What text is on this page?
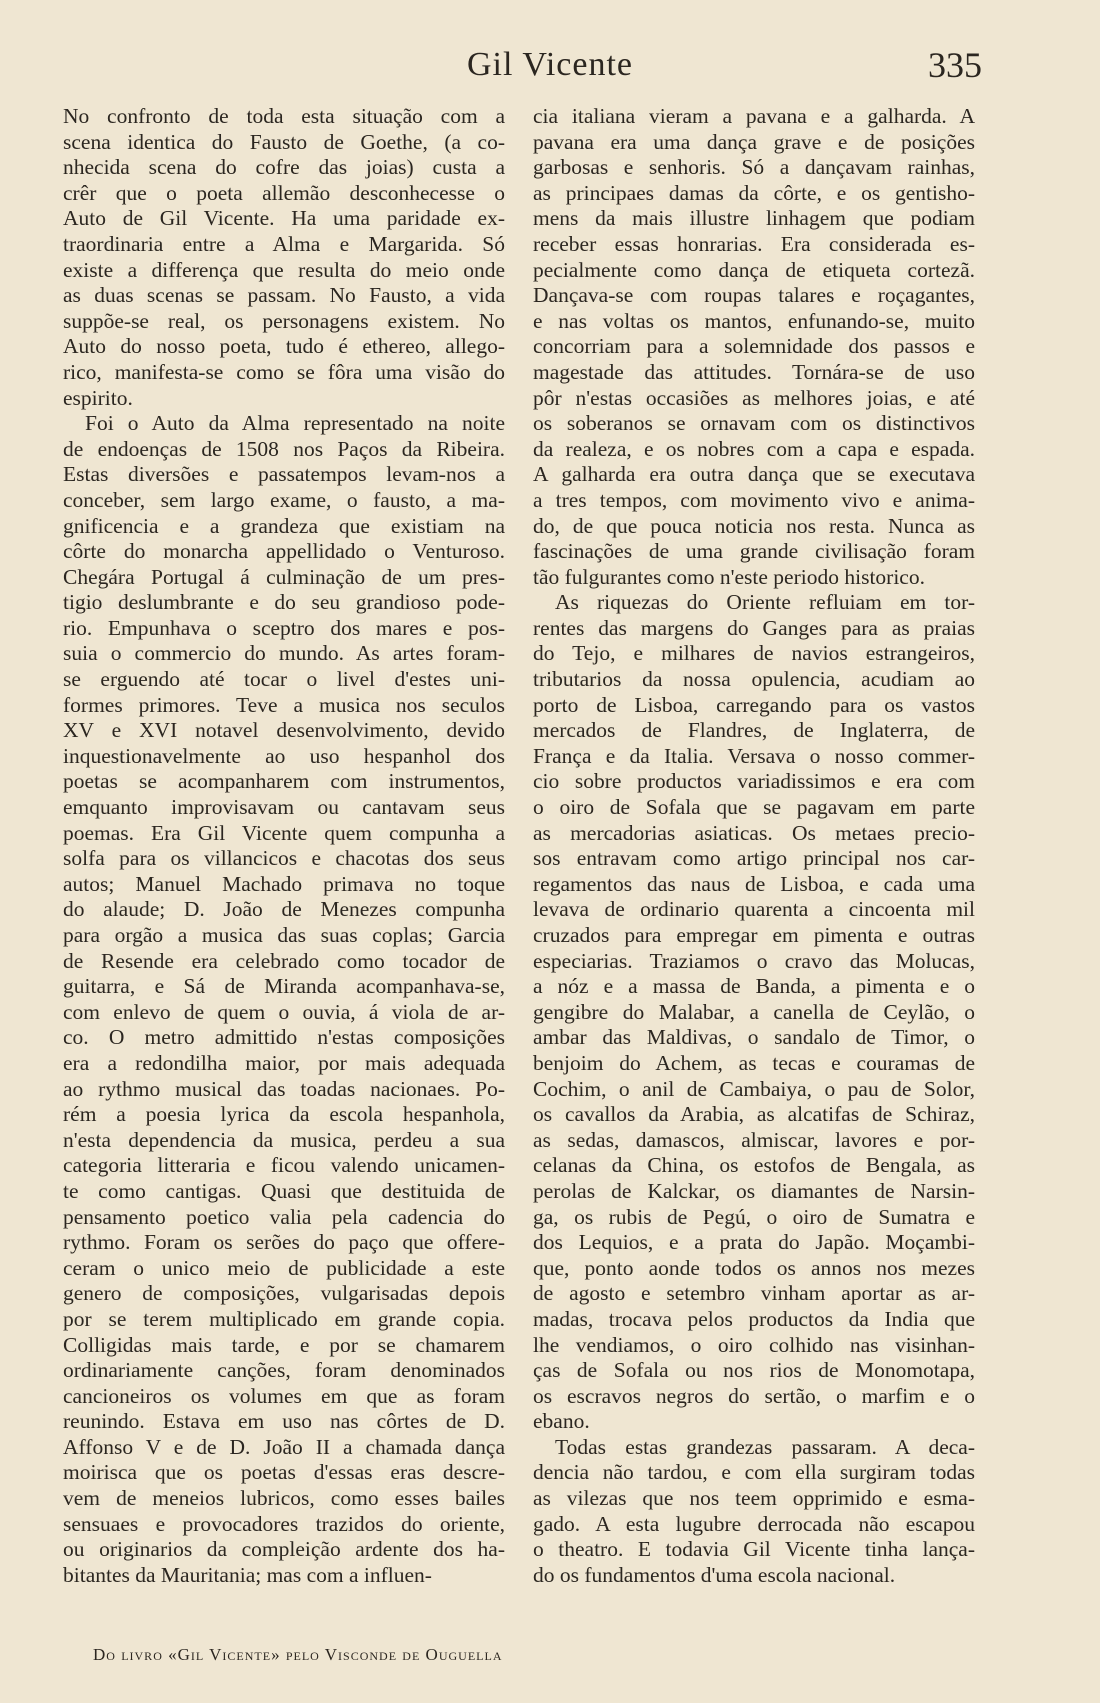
Gil Vicente	335
No confronto de toda esta situação com a
scena identica do Fausto de Goethe, (a co-
nhecida scena do cofre das joias) custa a
crêr que o poeta allemão desconhecesse o
Auto de Gil Vicente. Ha uma paridade ex-
traordinaria entre a Alma e Margarida. Só
existe a differença que resulta do meio onde
as duas scenas se passam. No Fausto, a vida
suppõe-se real, os personagens existem. No
Auto do nosso poeta, tudo é ethereo, allego-
rico, manifesta-se como se fôra uma visão do
espirito.
Foi o Auto da Alma representado na noite
de endoenças de 1508 nos Paços da Ribeira.
Estas diversões e passatempos levam-nos a
conceber, sem largo exame, o fausto, a ma-
gnificencia e a grandeza que existiam na
côrte do monarcha appellidado o Venturoso.
Chegára Portugal á culminação de um pres-
tigio deslumbrante e do seu grandioso pode-
rio. Empunhava o sceptro dos mares e pos-
suia o commercio do mundo. As artes foram-
se erguendo até tocar o livel d'estes uni-
formes primores. Teve a musica nos seculos
XV e XVI notavel desenvolvimento, devido
inquestionavelmente ao uso hespanhol dos
poetas se acompanharem com instrumentos,
emquanto improvisavam ou cantavam seus
poemas. Era Gil Vicente quem compunha a
solfa para os villancicos e chacotas dos seus
autos; Manuel Machado primava no toque
do alaude; D. João de Menezes compunha
para orgão a musica das suas coplas; Garcia
de Resende era celebrado como tocador de
guitarra, e Sá de Miranda acompanhava-se,
com enlevo de quem o ouvia, á viola de ar-
co. O metro admittido n'estas composições
era a redondilha maior, por mais adequada
ao rythmo musical das toadas nacionaes. Po-
rém a poesia lyrica da escola hespanhola,
n'esta dependencia da musica, perdeu a sua
categoria litteraria e ficou valendo unicamen-
te como cantigas. Quasi que destituida de
pensamento poetico valia pela cadencia do
rythmo. Foram os serões do paço que offere-
ceram o unico meio de publicidade a este
genero de composições, vulgarisadas depois
por se terem multiplicado em grande copia.
Colligidas mais tarde, e por se chamarem
ordinariamente canções, foram denominados
cancioneiros os volumes em que as foram
reunindo. Estava em uso nas côrtes de D.
Affonso V e de D. João II a chamada dança
moirisca que os poetas d'essas eras descre-
vem de meneios lubricos, como esses bailes
sensuaes e provocadores trazidos do oriente,
ou originarios da compleição ardente dos ha-
bitantes da Mauritania; mas com a influen-
cia italiana vieram a pavana e a galharda. A
pavana era uma dança grave e de posições
garbosas e senhoris. Só a dançavam rainhas,
as principaes damas da côrte, e os gentisho-
mens da mais illustre linhagem que podiam
receber essas honrarias. Era considerada es-
pecialmente como dança de etiqueta cortezã.
Dançava-se com roupas talares e roçagantes,
e nas voltas os mantos, enfunando-se, muito
concorriam para a solemnidade dos passos e
magestade das attitudes. Tornára-se de uso
pôr n'estas occasiões as melhores joias, e até
os soberanos se ornavam com os distinctivos
da realeza, e os nobres com a capa e espada.
A galharda era outra dança que se executava
a tres tempos, com movimento vivo e anima-
do, de que pouca noticia nos resta. Nunca as
fascinações de uma grande civilisação foram
tão fulgurantes como n'este periodo historico.
As riquezas do Oriente refluiam em tor-
rentes das margens do Ganges para as praias
do Tejo, e milhares de navios estrangeiros,
tributarios da nossa opulencia, acudiam ao
porto de Lisboa, carregando para os vastos
mercados de Flandres, de Inglaterra, de
França e da Italia. Versava o nosso commer-
cio sobre productos variadissimos e era com
o oiro de Sofala que se pagavam em parte
as mercadorias asiaticas. Os metaes precio-
sos entravam como artigo principal nos car-
regamentos das naus de Lisboa, e cada uma
levava de ordinario quarenta a cincoenta mil
cruzados para empregar em pimenta e outras
especiarias. Traziamos o cravo das Molucas,
a nóz e a massa de Banda, a pimenta e o
gengibre do Malabar, a canella de Ceylão, o
ambar das Maldivas, o sandalo de Timor, o
benjoim do Achem, as tecas e couramas de
Cochim, o anil de Cambaiya, o pau de Solor,
os cavallos da Arabia, as alcatifas de Schiraz,
as sedas, damascos, almiscar, lavores e por-
celanas da China, os estofos de Bengala, as
perolas de Kalckar, os diamantes de Narsin-
ga, os rubis de Pegú, o oiro de Sumatra e
dos Lequios, e a prata do Japão. Moçambi-
que, ponto aonde todos os annos nos mezes
de agosto e setembro vinham aportar as ar-
madas, trocava pelos productos da India que
lhe vendiamos, o oiro colhido nas visinhan-
ças de Sofala ou nos rios de Monomotapa,
os escravos negros do sertão, o marfim e o
ebano.
Todas estas grandezas passaram. A deca-
dencia não tardou, e com ella surgiram todas
as vilezas que nos teem opprimido e esma-
gado. A esta lugubre derrocada não escapou
o theatro. E todavia Gil Vicente tinha lança-
do os fundamentos d'uma escola nacional.
Do livro «Gil Vicente» pelo Visconde de Ouguella
